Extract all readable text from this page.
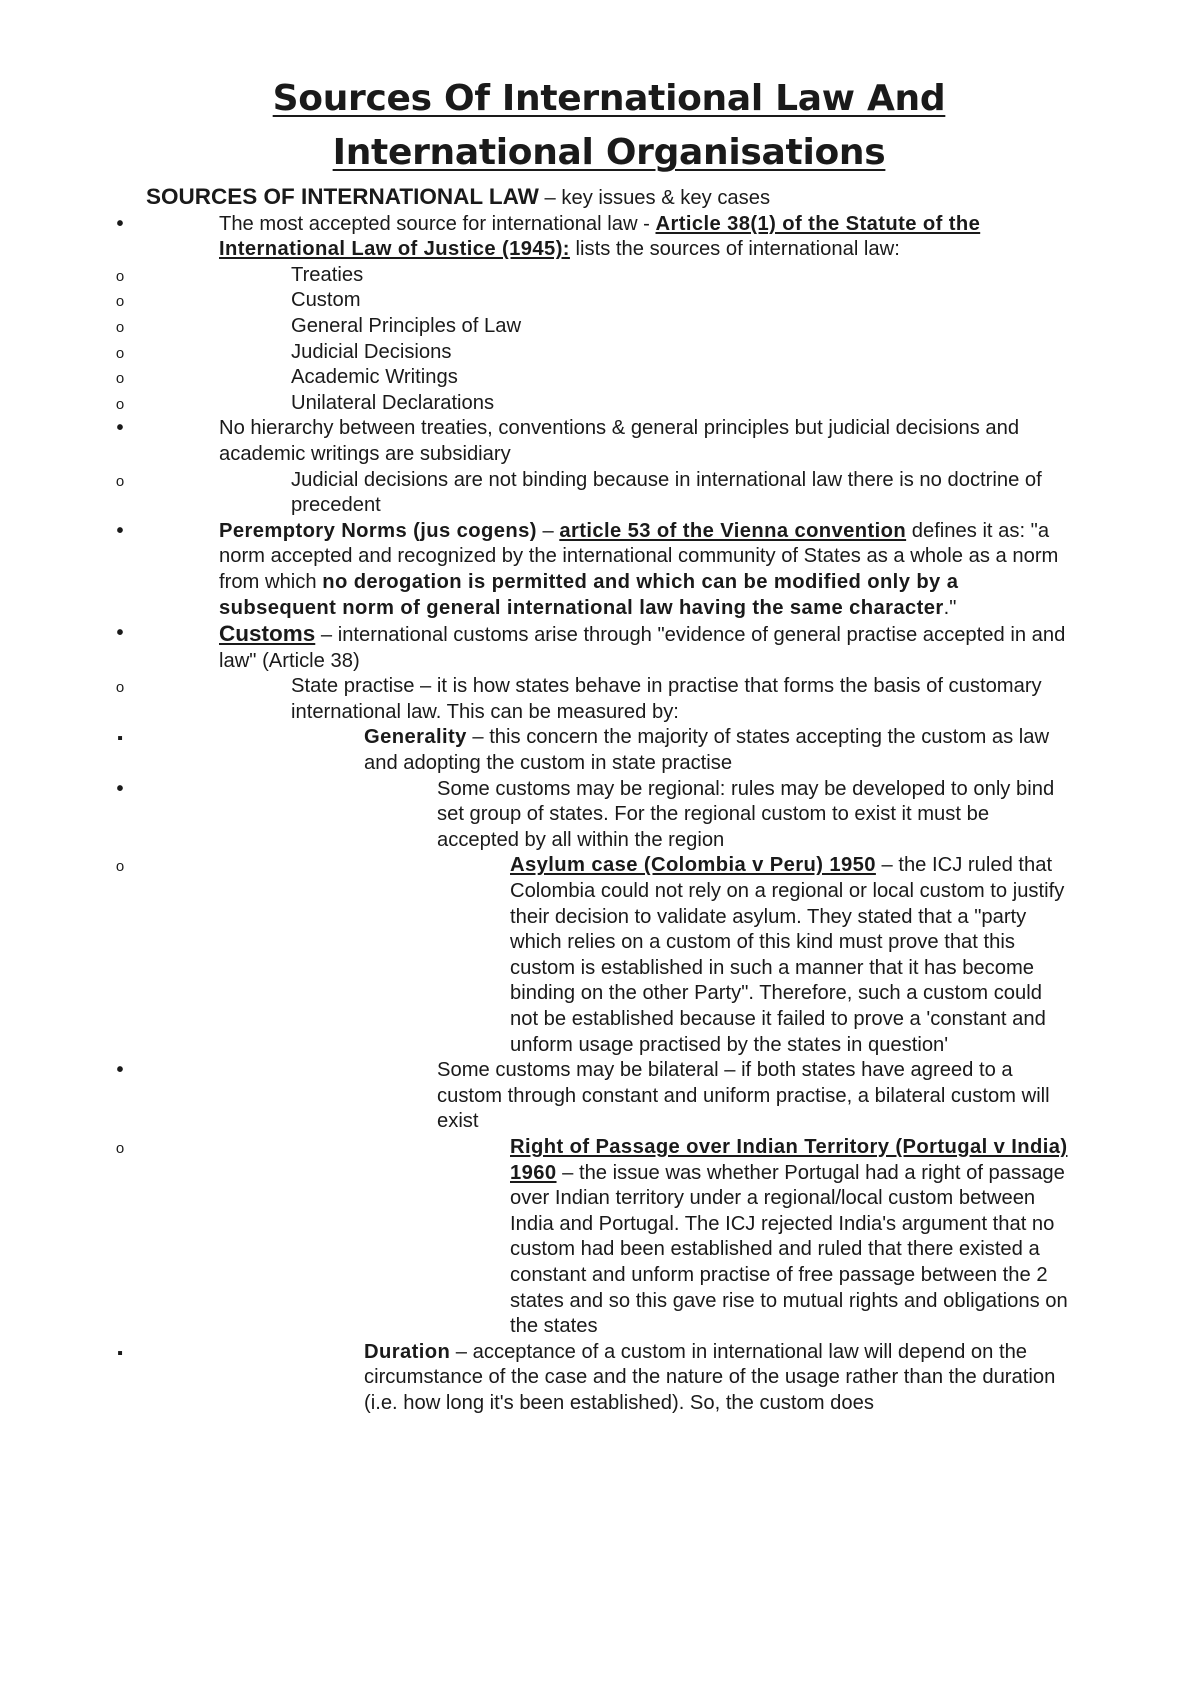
Sources Of International Law And International Organisations
SOURCES OF INTERNATIONAL LAW – key issues & key cases
•
The most accepted source for international law - Article 38(1) of the Statute of the International Law of Justice (1945): lists the sources of international law:
o
Treaties
o
Custom
o
General Principles of Law
o
Judicial Decisions
o
Academic Writings
o
Unilateral Declarations
•
No hierarchy between treaties, conventions & general principles but judicial decisions and academic writings are subsidiary
o
Judicial decisions are not binding because in international law there is no doctrine of precedent
•
Peremptory Norms (jus cogens) – article 53 of the Vienna convention defines it as: "a norm accepted and recognized by the international community of States as a whole as a norm from which no derogation is permitted and which can be modified only by a subsequent norm of general international law having the same character."
•
Customs – international customs arise through "evidence of general practise accepted in and law" (Article 38)
o
State practise – it is how states behave in practise that forms the basis of customary international law. This can be measured by:
▪
Generality – this concern the majority of states accepting the custom as law and adopting the custom in state practise
•
Some customs may be regional: rules may be developed to only bind set group of states. For the regional custom to exist it must be accepted by all within the region
o
Asylum case (Colombia v Peru) 1950 – the ICJ ruled that Colombia could not rely on a regional or local custom to justify their decision to validate asylum. They stated that a "party which relies on a custom of this kind must prove that this custom is established in such a manner that it has become binding on the other Party". Therefore, such a custom could not be established because it failed to prove a 'constant and unform usage practised by the states in question'
•
Some customs may be bilateral – if both states have agreed to a custom through constant and uniform practise, a bilateral custom will exist
o
Right of Passage over Indian Territory (Portugal v India) 1960 – the issue was whether Portugal had a right of passage over Indian territory under a regional/local custom between India and Portugal. The ICJ rejected India's argument that no custom had been established and ruled that there existed a constant and unform practise of free passage between the 2 states and so this gave rise to mutual rights and obligations on the states
▪
Duration – acceptance of a custom in international law will depend on the circumstance of the case and the nature of the usage rather than the duration (i.e. how long it's been established). So, the custom does
